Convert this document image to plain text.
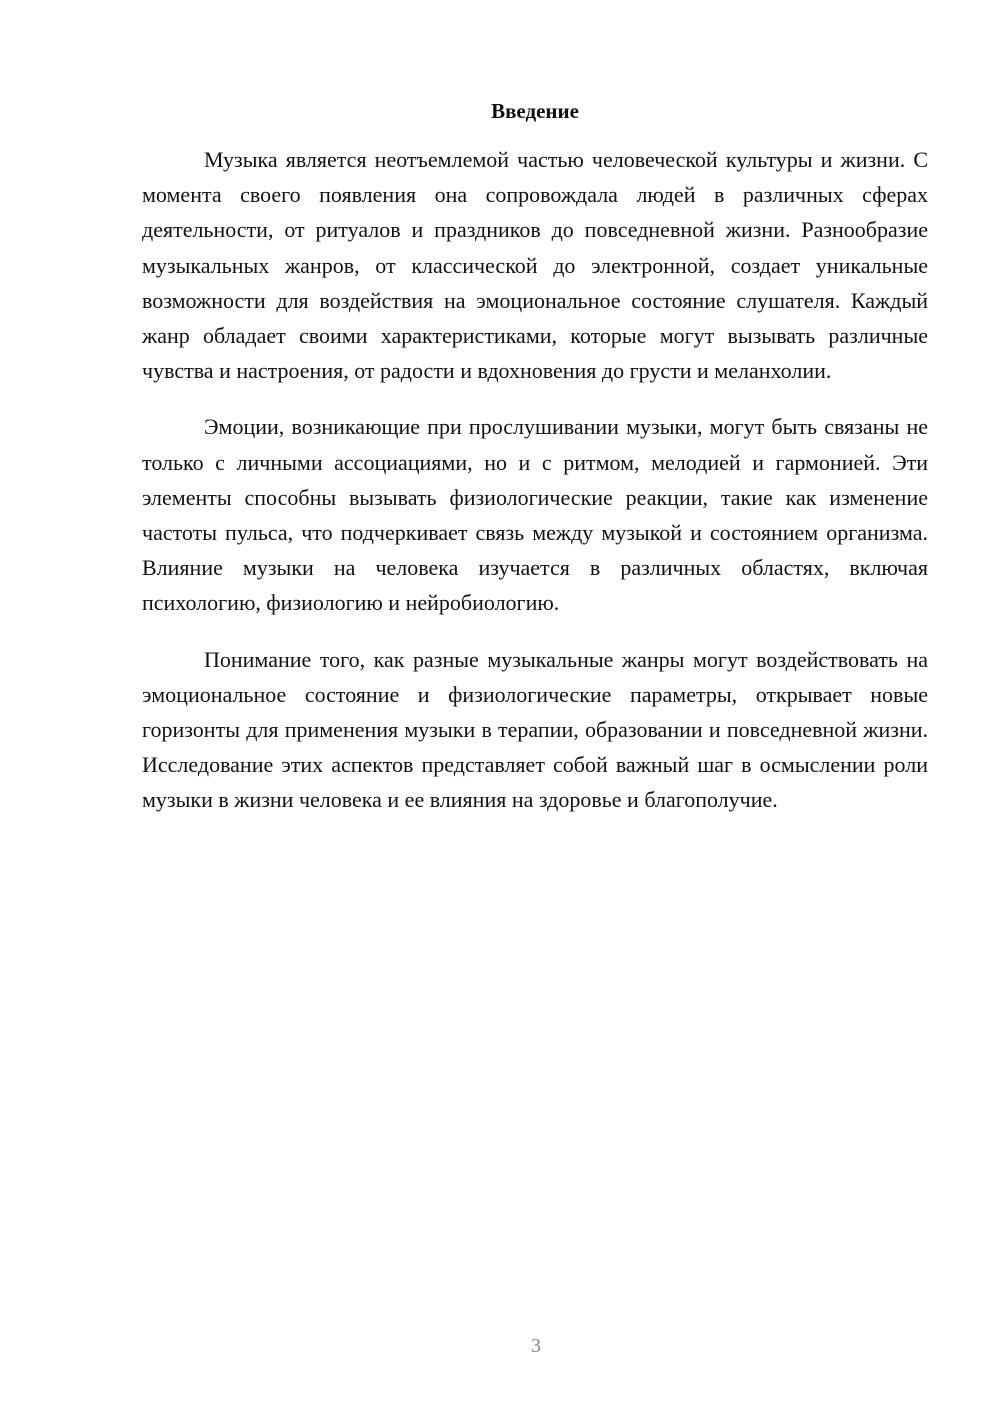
Введение

Музыка является неотъемлемой частью человеческой культуры и жизни. С момента своего появления она сопровождала людей в различных сферах деятельности, от ритуалов и праздников до повседневной жизни. Разнообразие музыкальных жанров, от классической до электронной, создает уникальные возможности для воздействия на эмоциональное состояние слушателя. Каждый жанр обладает своими характеристиками, которые могут вызывать различные чувства и настроения, от радости и вдохновения до грусти и меланхолии.

Эмоции, возникающие при прослушивании музыки, могут быть связаны не только с личными ассоциациями, но и с ритмом, мелодией и гармонией. Эти элементы способны вызывать физиологические реакции, такие как изменение частоты пульса, что подчеркивает связь между музыкой и состоянием организма. Влияние музыки на человека изучается в различных областях, включая психологию, физиологию и нейробиологию.

Понимание того, как разные музыкальные жанры могут воздействовать на эмоциональное состояние и физиологические параметры, открывает новые горизонты для применения музыки в терапии, образовании и повседневной жизни. Исследование этих аспектов представляет собой важный шаг в осмыслении роли музыки в жизни человека и ее влияния на здоровье и благополучие.

3
